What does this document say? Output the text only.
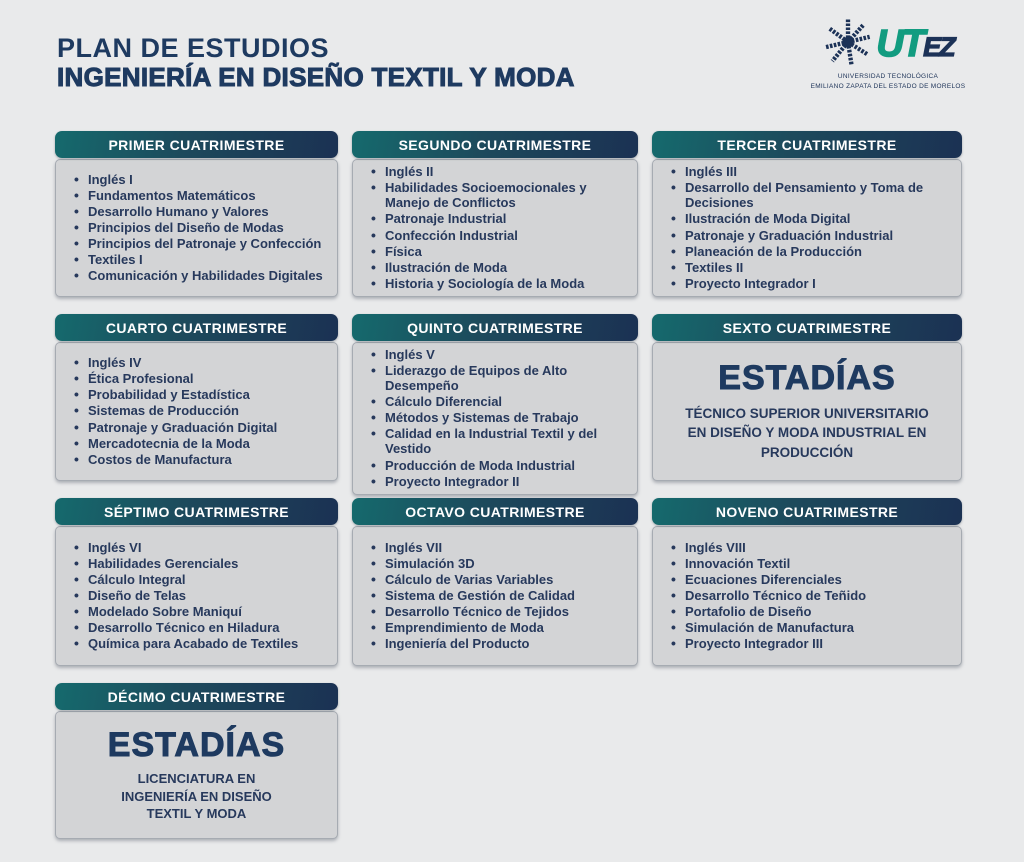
PLAN DE ESTUDIOS
INGENIERÍA EN DISEÑO TEXTIL Y MODA
UTEZ
UNIVERSIDAD TECNOLÓGICA
EMILIANO ZAPATA DEL ESTADO DE MORELOS
PRIMER CUATRIMESTRE
• Inglés I
• Fundamentos Matemáticos
• Desarrollo Humano y Valores
• Principios del Diseño de Modas
• Principios del Patronaje y Confección
• Textiles I
• Comunicación y Habilidades Digitales
SEGUNDO CUATRIMESTRE
• Inglés II
• Habilidades Socioemocionales y Manejo de Conflictos
• Patronaje Industrial
• Confección Industrial
• Física
• Ilustración de Moda
• Historia y Sociología de la Moda
TERCER CUATRIMESTRE
• Inglés III
• Desarrollo del Pensamiento y Toma de Decisiones
• Ilustración de Moda Digital
• Patronaje y Graduación Industrial
• Planeación de la Producción
• Textiles II
• Proyecto Integrador I
CUARTO CUATRIMESTRE
• Inglés IV
• Ética Profesional
• Probabilidad y Estadística
• Sistemas de Producción
• Patronaje y Graduación Digital
• Mercadotecnia de la Moda
• Costos de Manufactura
QUINTO CUATRIMESTRE
• Inglés V
• Liderazgo de Equipos de Alto Desempeño
• Cálculo Diferencial
• Métodos y Sistemas de Trabajo
• Calidad en la Industrial Textil y del Vestido
• Producción de Moda Industrial
• Proyecto Integrador II
SEXTO CUATRIMESTRE
ESTADÍAS
TÉCNICO SUPERIOR UNIVERSITARIO
EN DISEÑO Y MODA INDUSTRIAL EN
PRODUCCIÓN
SÉPTIMO CUATRIMESTRE
• Inglés VI
• Habilidades Gerenciales
• Cálculo Integral
• Diseño de Telas
• Modelado Sobre Maniquí
• Desarrollo Técnico en Hiladura
• Química para Acabado de Textiles
OCTAVO CUATRIMESTRE
• Inglés VII
• Simulación 3D
• Cálculo de Varias Variables
• Sistema de Gestión de Calidad
• Desarrollo Técnico de Tejidos
• Emprendimiento de Moda
• Ingeniería del Producto
NOVENO CUATRIMESTRE
• Inglés VIII
• Innovación Textil
• Ecuaciones Diferenciales
• Desarrollo Técnico de Teñido
• Portafolio de Diseño
• Simulación de Manufactura
• Proyecto Integrador III
DÉCIMO CUATRIMESTRE
ESTADÍAS
LICENCIATURA EN
INGENIERÍA EN DISEÑO
TEXTIL Y MODA
